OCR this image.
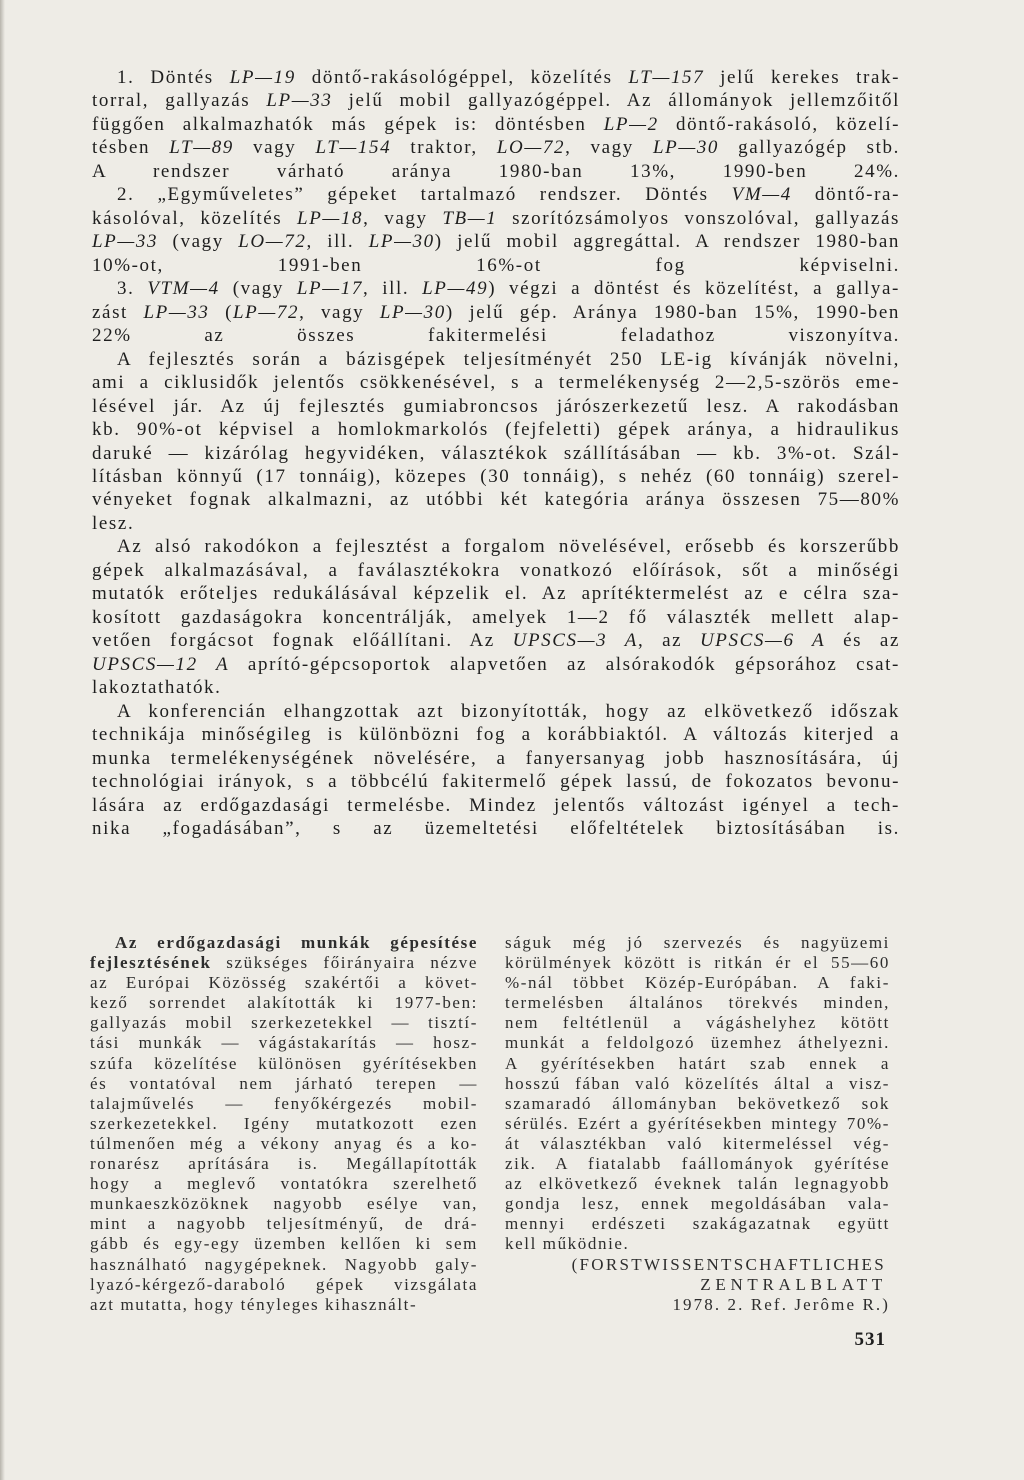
1. Döntés LP—19 döntő-rakásológéppel, közelítés LT—157 jelű kerekes trak-
torral, gallyazás LP—33 jelű mobil gallyazógéppel. Az állományok jellemzőitől
függően alkalmazhatók más gépek is: döntésben LP—2 döntő-rakásoló, közelí-
tésben LT—89 vagy LT—154 traktor, LO—72, vagy LP—30 gallyazógép stb.
A rendszer várható aránya 1980-ban 13%, 1990-ben 24%.
2. „Egyműveletes” gépeket tartalmazó rendszer. Döntés VM—4 döntő-ra-
kásolóval, közelítés LP—18, vagy TB—1 szorítózsámolyos vonszolóval, gallyazás
LP—33 (vagy LO—72, ill. LP—30) jelű mobil aggregáttal. A rendszer 1980-ban
10%-ot, 1991-ben 16%-ot fog képviselni.
3. VTM—4 (vagy LP—17, ill. LP—49) végzi a döntést és közelítést, a gallya-
zást LP—33 (LP—72, vagy LP—30) jelű gép. Aránya 1980-ban 15%, 1990-ben
22% az összes fakitermelési feladathoz viszonyítva.
A fejlesztés során a bázisgépek teljesítményét 250 LE-ig kívánják növelni,
ami a ciklusidők jelentős csökkenésével, s a termelékenység 2—2,5-szörös eme-
lésével jár. Az új fejlesztés gumiabroncsos járószerkezetű lesz. A rakodásban
kb. 90%-ot képvisel a homlokmarkolós (fejfeletti) gépek aránya, a hidraulikus
daruké — kizárólag hegyvidéken, választékok szállításában — kb. 3%-ot. Szál-
lításban könnyű (17 tonnáig), közepes (30 tonnáig), s nehéz (60 tonnáig) szerel-
vényeket fognak alkalmazni, az utóbbi két kategória aránya összesen 75—80%
lesz.
Az alsó rakodókon a fejlesztést a forgalom növelésével, erősebb és korszerűbb
gépek alkalmazásával, a faválasztékokra vonatkozó előírások, sőt a minőségi
mutatók erőteljes redukálásával képzelik el. Az aprítéktermelést az e célra sza-
kosított gazdaságokra koncentrálják, amelyek 1—2 fő választék mellett alap-
vetően forgácsot fognak előállítani. Az UPSCS—3 A, az UPSCS—6 A és az
UPSCS—12 A aprító-gépcsoportok alapvetően az alsórakodók gépsorához csat-
lakoztathatók.
A konferencián elhangzottak azt bizonyították, hogy az elkövetkező időszak
technikája minőségileg is különbözni fog a korábbiaktól. A változás kiterjed a
munka termelékenységének növelésére, a fanyersanyag jobb hasznosítására, új
technológiai irányok, s a többcélú fakitermelő gépek lassú, de fokozatos bevonu-
lására az erdőgazdasági termelésbe. Mindez jelentős változást igényel a tech-
nika „fogadásában”, s az üzemeltetési előfeltételek biztosításában is.
Az erdőgazdasági munkák gépesítése
fejlesztésének szükséges főirányaira nézve
az Európai Közösség szakértői a követ-
kező sorrendet alakították ki 1977-ben:
gallyazás mobil szerkezetekkel — tisztí-
tási munkák — vágástakarítás — hosz-
szúfa közelítése különösen gyérítésekben
és vontatóval nem járható terepen —
talajművelés — fenyőkérgezés mobil-
szerkezetekkel. Igény mutatkozott ezen
túlmenően még a vékony anyag és a ko-
ronarész aprítására is. Megállapították
hogy a meglevő vontatókra szerelhető
munkaeszközöknek nagyobb esélye van,
mint a nagyobb teljesítményű, de drá-
gább és egy-egy üzemben kellően ki sem
használható nagygépeknek. Nagyobb galy-
lyazó-kérgező-daraboló gépek vizsgálata
azt mutatta, hogy tényleges kihasznált-
ságuk még jó szervezés és nagyüzemi
körülmények között is ritkán ér el 55—60
%-nál többet Közép-Európában. A faki-
termelésben általános törekvés minden,
nem feltétlenül a vágáshelyhez kötött
munkát a feldolgozó üzemhez áthelyezni.
A gyérítésekben határt szab ennek a
hosszú fában való közelítés által a visz-
szamaradó állományban bekövetkező sok
sérülés. Ezért a gyérítésekben mintegy 70%-
át választékban való kitermeléssel vég-
zik. A fiatalabb faállományok gyérítése
az elkövetkező éveknek talán legnagyobb
gondja lesz, ennek megoldásában vala-
mennyi erdészeti szakágazatnak együtt
kell működnie.
(FORSTWISSENTSCHAFTLICHES
ZENTRALBLATT
1978. 2. Ref. Jerôme R.)
531
